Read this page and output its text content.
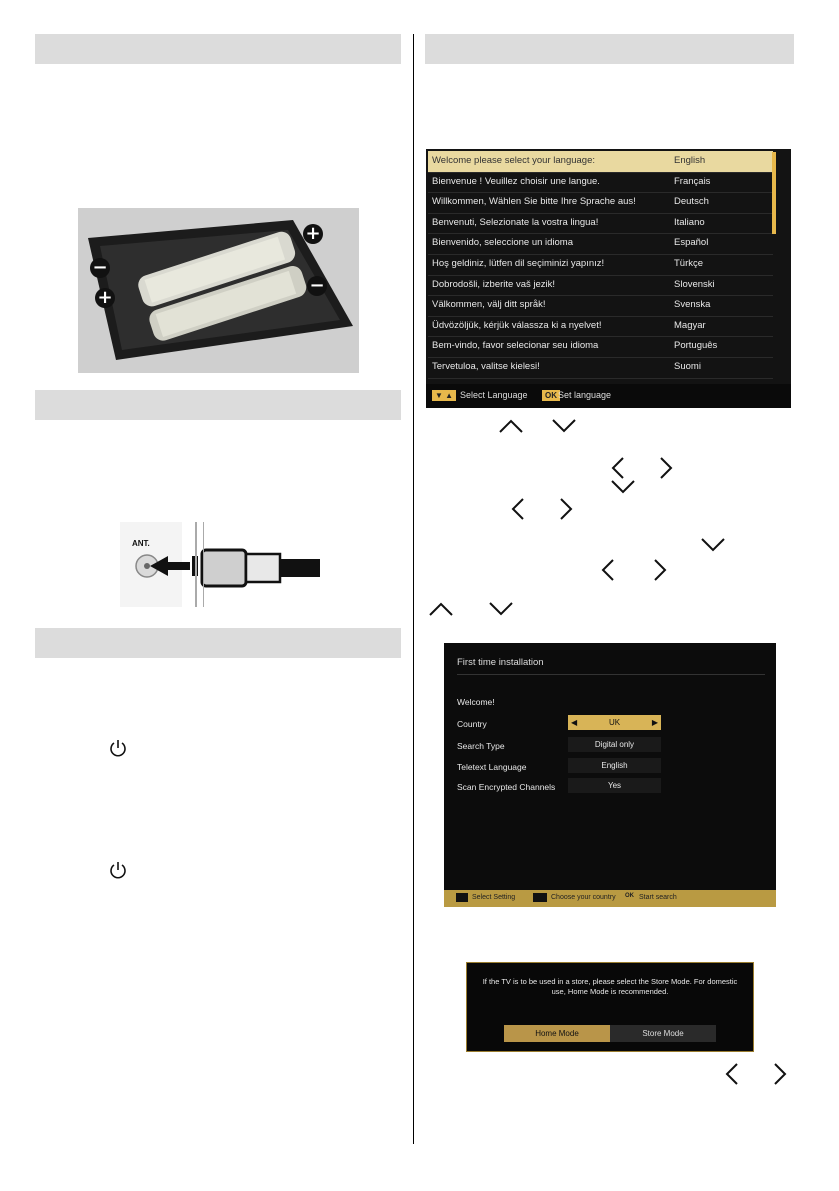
−
+
+
−
ANT.
Welcome please select your language:	English
Bienvenue ! Veuillez choisir une langue.	Français
Willkommen, Wählen Sie bitte Ihre Sprache aus!	Deutsch
Benvenuti, Selezionate la vostra lingua!	Italiano
Bienvenido, seleccione un idioma	Español
Hoş geldiniz, lütfen dil seçiminizi yapınız!	Türkçe
Dobrodošli, izberite vaš jezik!	Slovenski
Välkommen, välj ditt språk!	Svenska
Üdvözöljük, kérjük válassza ki a nyelvet!	Magyar
Bem-vindo, favor selecionar seu idioma	Português
Tervetuloa, valitse kielesi!	Suomi
▼ ▲ Select Language	OK Set language
First time installation
Welcome!
Country	◀	UK	▶
Search Type	Digital only
Teletext Language	English
Scan Encrypted Channels	Yes
Select Setting	Choose your country OK Start search
If the TV is to be used in a store, please select the Store Mode. For domestic use, Home Mode is recommended.
Home Mode	Store Mode
